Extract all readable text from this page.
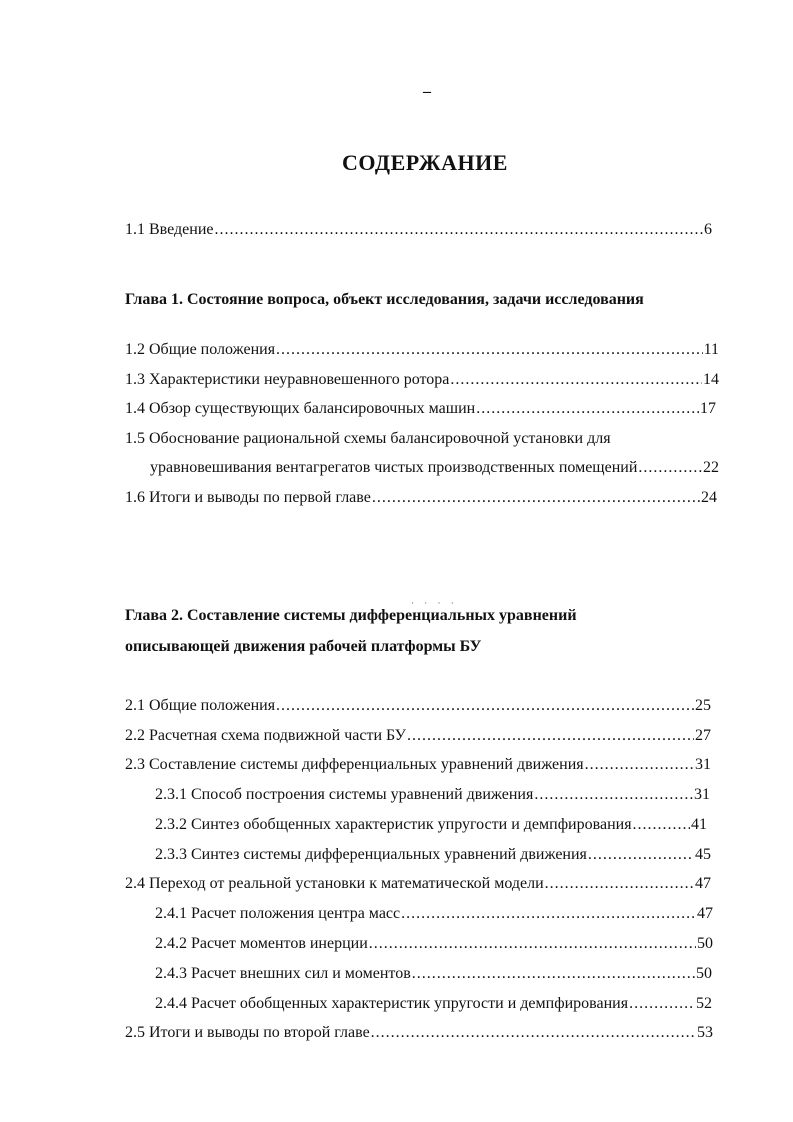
–
СОДЕРЖАНИЕ
1.1 Введение .....	6
Глава 1. Состояние вопроса, объект исследования, задачи исследования
1.2 Общие положения .....	11
1.3 Характеристики неуравновешенного ротора .....	14
1.4 Обзор существующих балансировочных машин .....	17
1.5 Обоснование рациональной схемы балансировочной установки для
уравновешивания вентагрегатов чистых производственных помещений .....	22
1.6 Итоги и выводы по первой главе .....	24
· · · ·
Глава 2. Составление системы дифференциальных уравнений
описывающей движения рабочей платформы БУ
2.1 Общие положения .....	25
2.2 Расчетная схема подвижной части БУ .....	27
2.3 Составление системы дифференциальных уравнений движения .....	31
2.3.1 Способ построения системы уравнений движения .....	31
2.3.2 Синтез обобщенных характеристик упругости и демпфирования .....	41
2.3.3 Синтез системы дифференциальных уравнений движения .....	45
2.4 Переход от реальной установки к математической модели .....	47
2.4.1 Расчет положения центра масс .....	47
2.4.2 Расчет моментов инерции .....	50
2.4.3 Расчет внешних сил и моментов .....	50
2.4.4 Расчет обобщенных характеристик упругости и демпфирования .....	52
2.5 Итоги и выводы по второй главе .....	53
